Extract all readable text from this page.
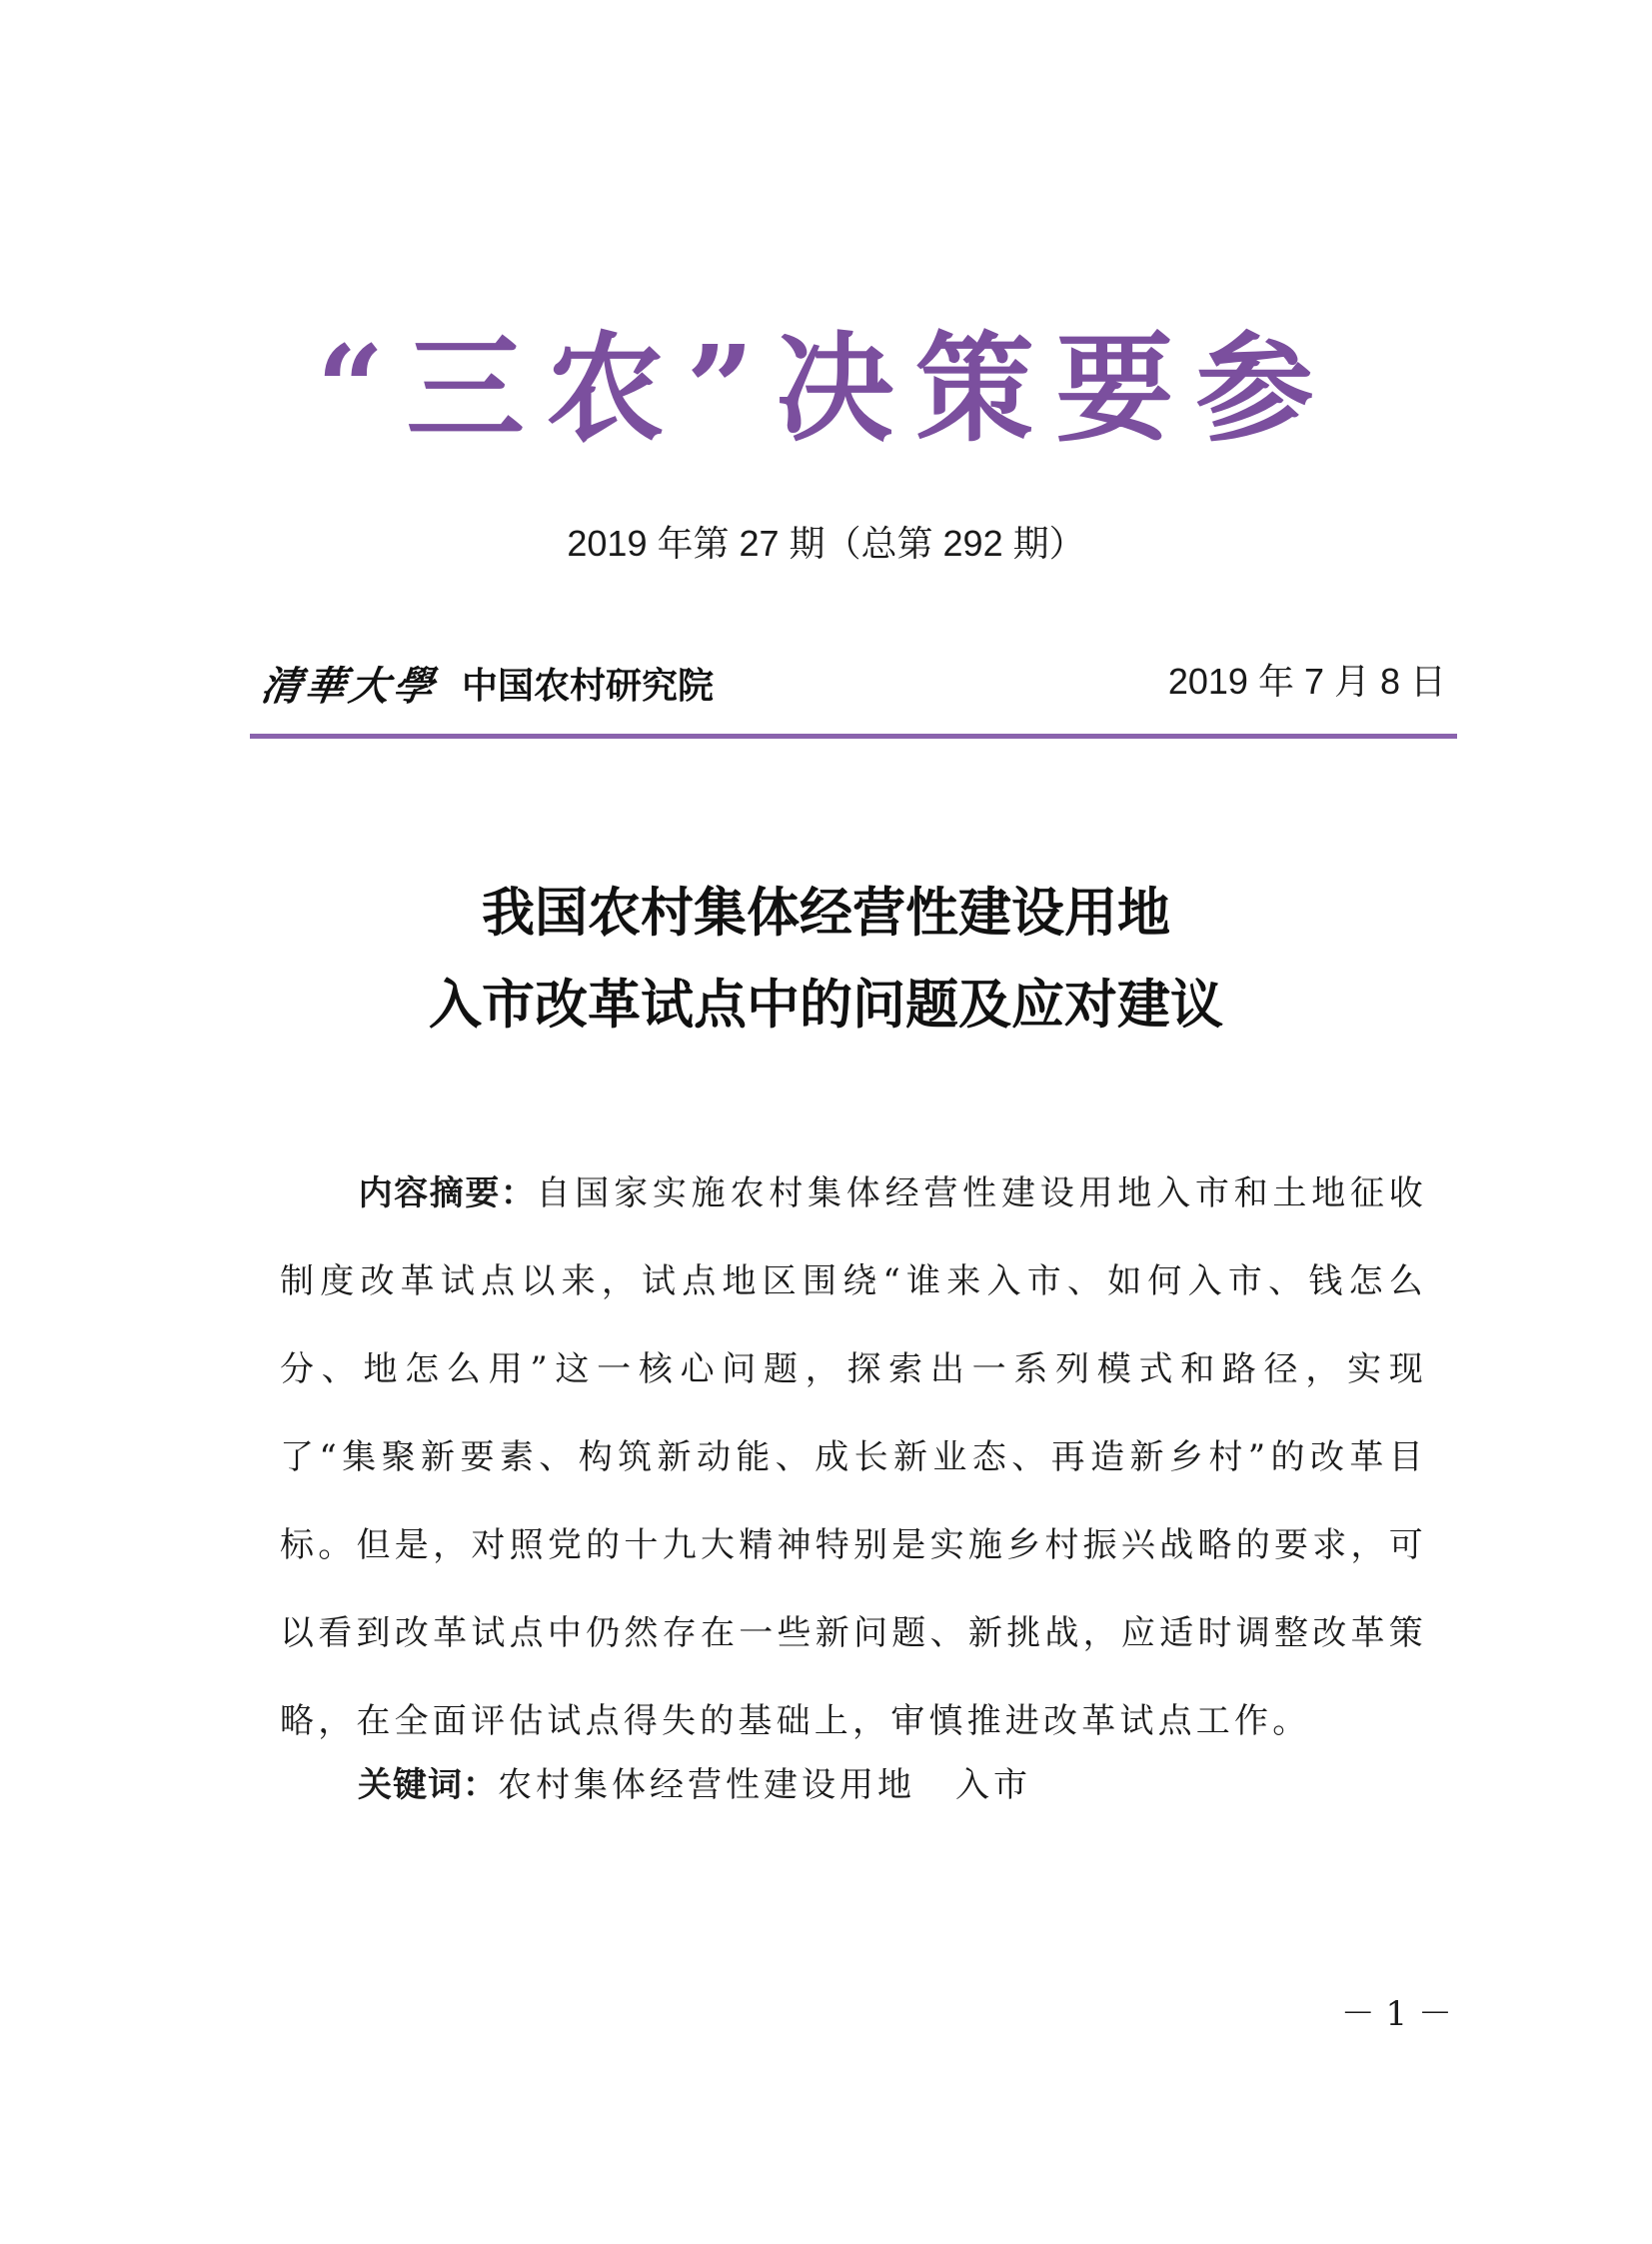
“三农”决策要参
2019 年第 27 期（总第 292 期）
清華大學 中国农村研究院	2019 年 7 月 8 日
我国农村集体经营性建设用地
入市改革试点中的问题及应对建议
内容摘要：自国家实施农村集体经营性建设用地入市和土地征收制度改革试点以来，试点地区围绕“谁来入市、如何入市、钱怎么分、地怎么用”这一核心问题，探索出一系列模式和路径，实现了“集聚新要素、构筑新动能、成长新业态、再造新乡村”的改革目标。但是，对照党的十九大精神特别是实施乡村振兴战略的要求，可以看到改革试点中仍然存在一些新问题、新挑战，应适时调整改革策略，在全面评估试点得失的基础上，审慎推进改革试点工作。
关键词：农村集体经营性建设用地 入市
－ 1 －
